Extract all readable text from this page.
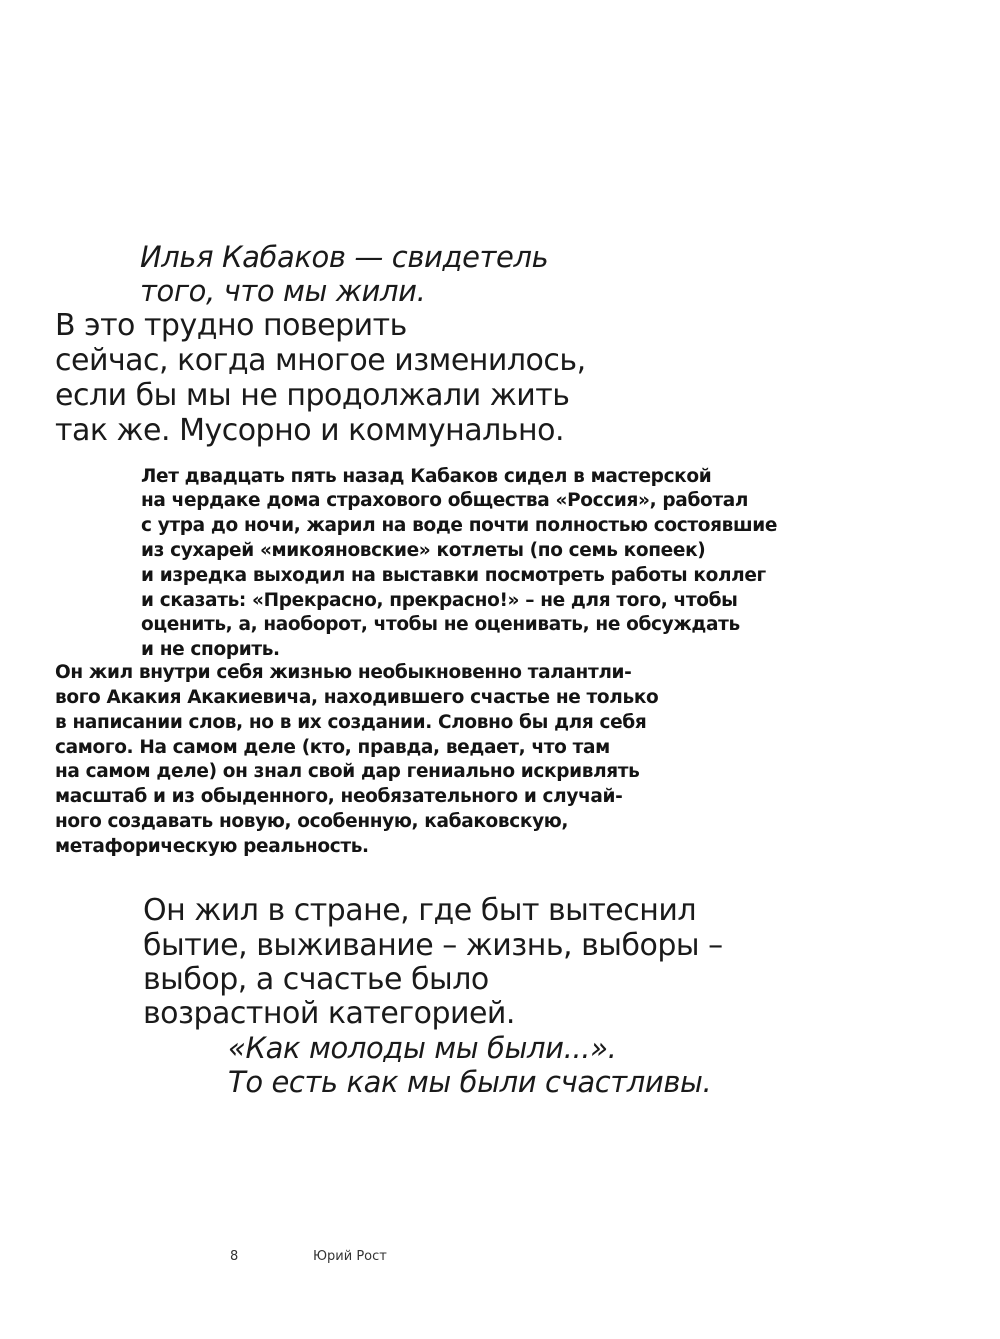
Илья Кабаков — свидетель

того, что мы жили.

В это трудно поверить

сейчас, когда многое изменилось,

если бы мы не продолжали жить

так же. Мусорно и коммунально.

Лет двадцать пять назад Кабаков сидел в мастерской

на чердаке дома страхового общества «Россия», работал

с утра до ночи, жарил на воде почти полностью состоявшие

из сухарей «микояновские» котлеты (по семь копеек)

и изредка выходил на выставки посмотреть работы коллег

и сказать: «Прекрасно, прекрасно!» – не для того, чтобы

оценить, а, наоборот, чтобы не оценивать, не обсуждать

и не спорить.

Он жил внутри себя жизнью необыкновенно талантли-

вого Акакия Акакиевича, находившего счастье не только

в написании слов, но в их создании. Словно бы для себя

самого. На самом деле (кто, правда, ведает, что там

на самом деле) он знал свой дар гениально искривлять

масштаб и из обыденного, необязательного и случай-

ного создавать новую, особенную, кабаковскую,

метафорическую реальность.

Он жил в стране, где быт вытеснил

бытие, выживание – жизнь, выборы –

выбор, а счастье было

возрастной категорией.

«Как молоды мы были...».

То есть как мы были счастливы.

8	Юрий Рост
